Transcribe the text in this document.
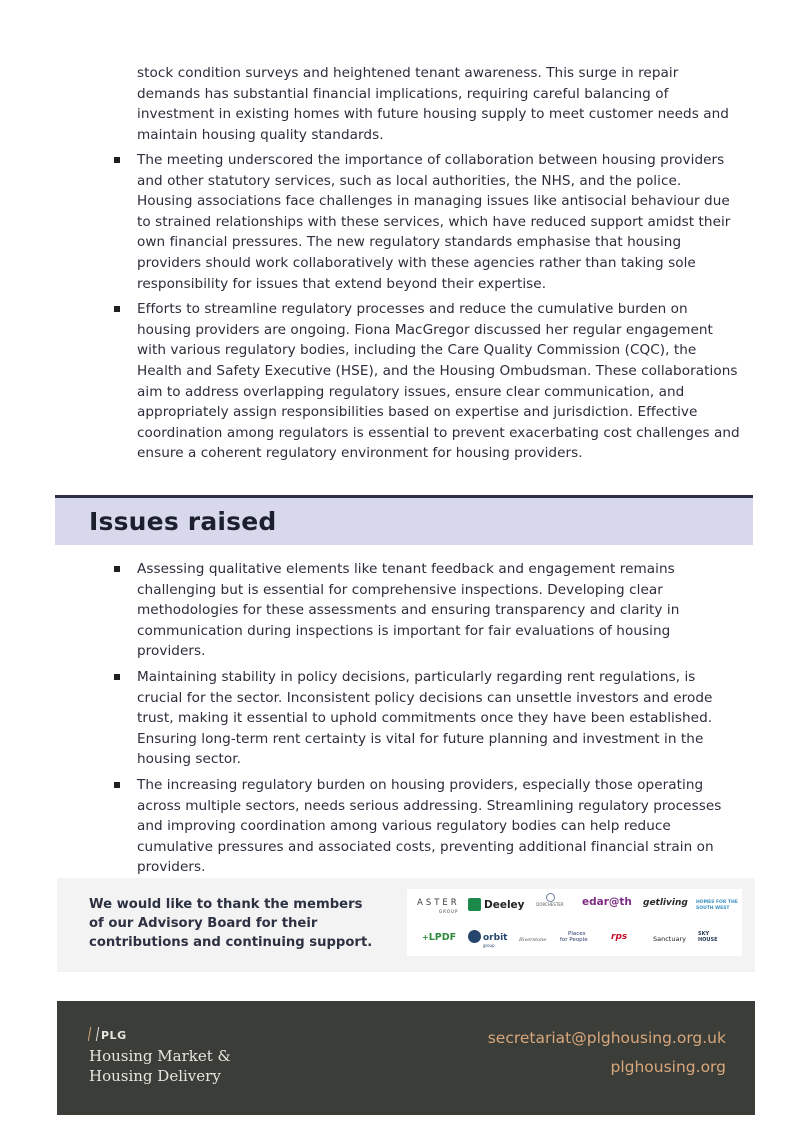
stock condition surveys and heightened tenant awareness. This surge in repair demands has substantial financial implications, requiring careful balancing of investment in existing homes with future housing supply to meet customer needs and maintain housing quality standards.

The meeting underscored the importance of collaboration between housing providers and other statutory services, such as local authorities, the NHS, and the police. Housing associations face challenges in managing issues like antisocial behaviour due to strained relationships with these services, which have reduced support amidst their own financial pressures. The new regulatory standards emphasise that housing providers should work collaboratively with these agencies rather than taking sole responsibility for issues that extend beyond their expertise.
Efforts to streamline regulatory processes and reduce the cumulative burden on housing providers are ongoing. Fiona MacGregor discussed her regular engagement with various regulatory bodies, including the Care Quality Commission (CQC), the Health and Safety Executive (HSE), and the Housing Ombudsman. These collaborations aim to address overlapping regulatory issues, ensure clear communication, and appropriately assign responsibilities based on expertise and jurisdiction. Effective coordination among regulators is essential to prevent exacerbating cost challenges and ensure a coherent regulatory environment for housing providers.
Issues raised
Assessing qualitative elements like tenant feedback and engagement remains challenging but is essential for comprehensive inspections. Developing clear methodologies for these assessments and ensuring transparency and clarity in communication during inspections is important for fair evaluations of housing providers.
Maintaining stability in policy decisions, particularly regarding rent regulations, is crucial for the sector. Inconsistent policy decisions can unsettle investors and erode trust, making it essential to uphold commitments once they have been established. Ensuring long-term rent certainty is vital for future planning and investment in the housing sector.
The increasing regulatory burden on housing providers, especially those operating across multiple sectors, needs serious addressing. Streamlining regulatory processes and improving coordination among various regulatory bodies can help reduce cumulative pressures and associated costs, preventing additional financial strain on providers.
We would like to thank the members
of our Advisory Board for their
contributions and continuing support.
ASTER
GROUP
Deeley	DORCHESTER edar@th getliving HOMES FOR THE
SOUTH WEST
+LPDF	orbit
group
Riverstone
Places
for People	rps	Sanctuary
SKY
HOUSE
PLG
Housing Market &
Housing Delivery
secretariat@plghousing.org.uk
plghousing.org
